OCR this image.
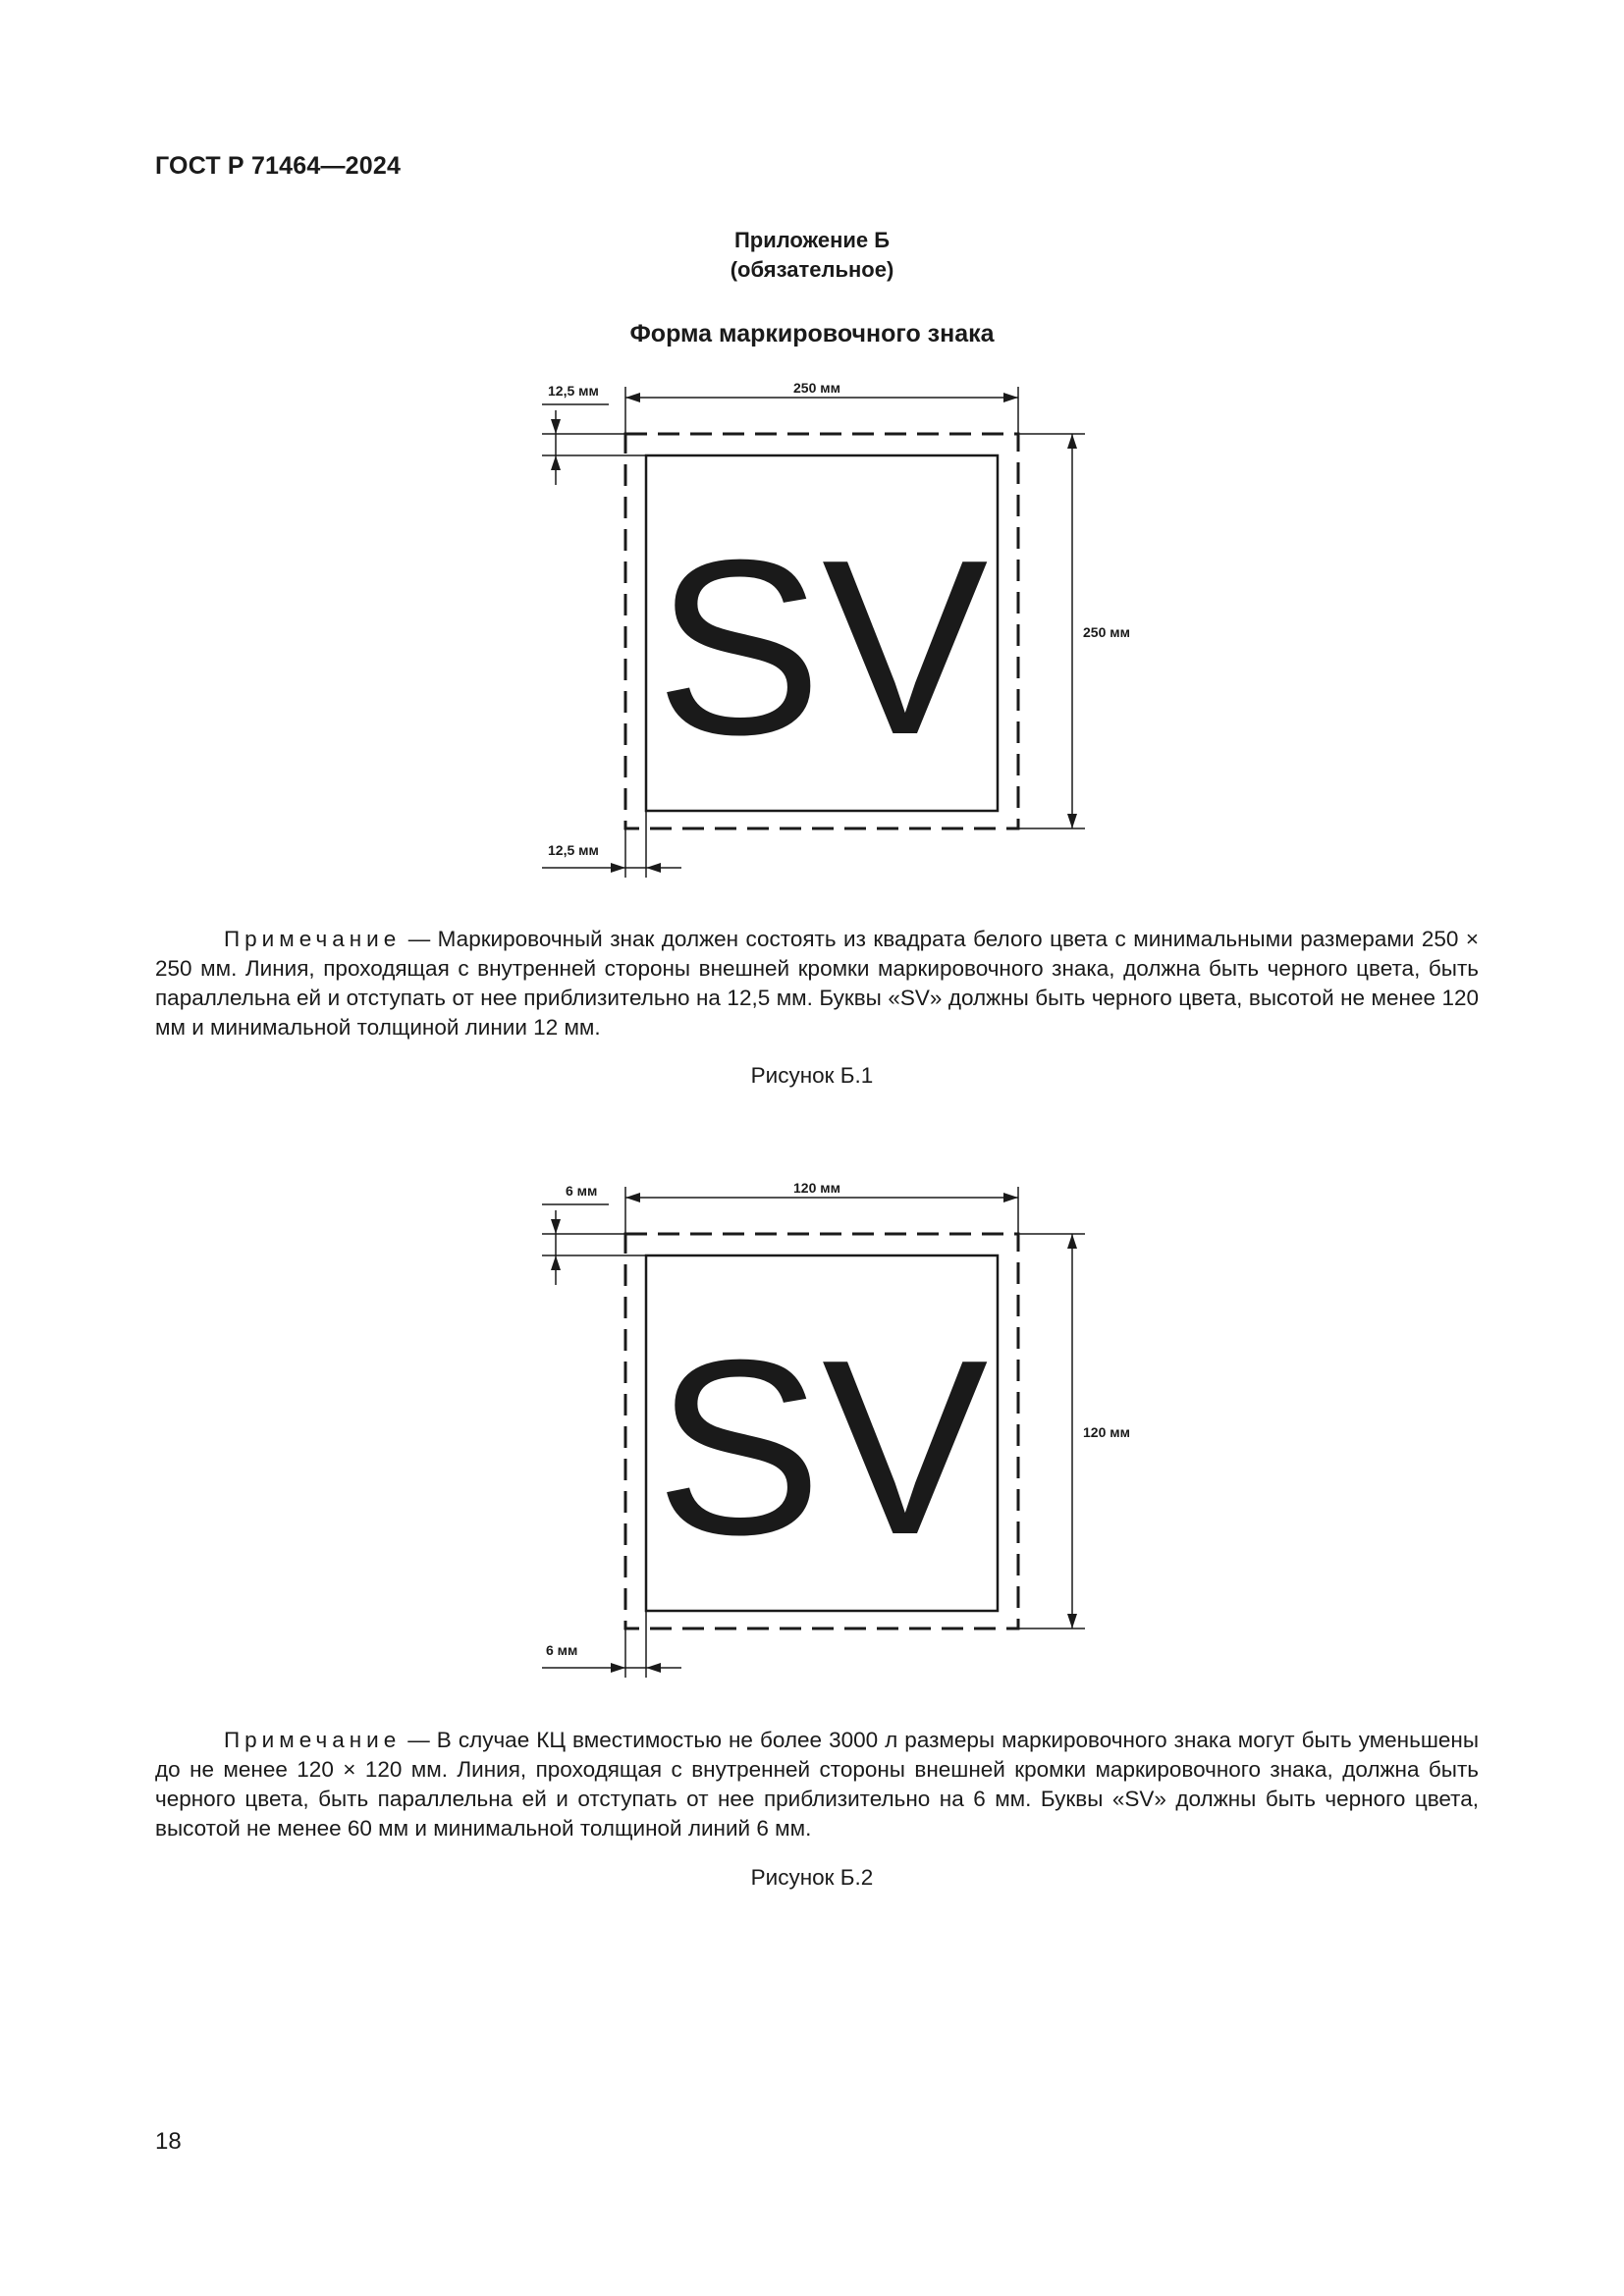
ГОСТ Р 71464—2024
Приложение Б
(обязательное)
Форма маркировочного знака
SV
250 мм
250 мм
12,5 мм
12,5 мм
Примечание — Маркировочный знак должен состоять из квадрата белого цвета с минимальными размерами 250 × 250 мм. Линия, проходящая с внутренней стороны внешней кромки маркировочного знака, должна быть черного цвета, быть параллельна ей и отступать от нее приблизительно на 12,5 мм. Буквы «SV» должны быть черного цвета, высотой не менее 120 мм и минимальной толщиной линии 12 мм.
Рисунок Б.1
SV
120 мм
120 мм
6 мм
6 мм
Примечание — В случае КЦ вместимостью не более 3000 л размеры маркировочного знака могут быть уменьшены до не менее 120 × 120 мм. Линия, проходящая с внутренней стороны внешней кромки маркировочного знака, должна быть черного цвета, быть параллельна ей и отступать от нее приблизительно на 6 мм. Буквы «SV» должны быть черного цвета, высотой не менее 60 мм и минимальной толщиной линий 6 мм.
Рисунок Б.2
18
